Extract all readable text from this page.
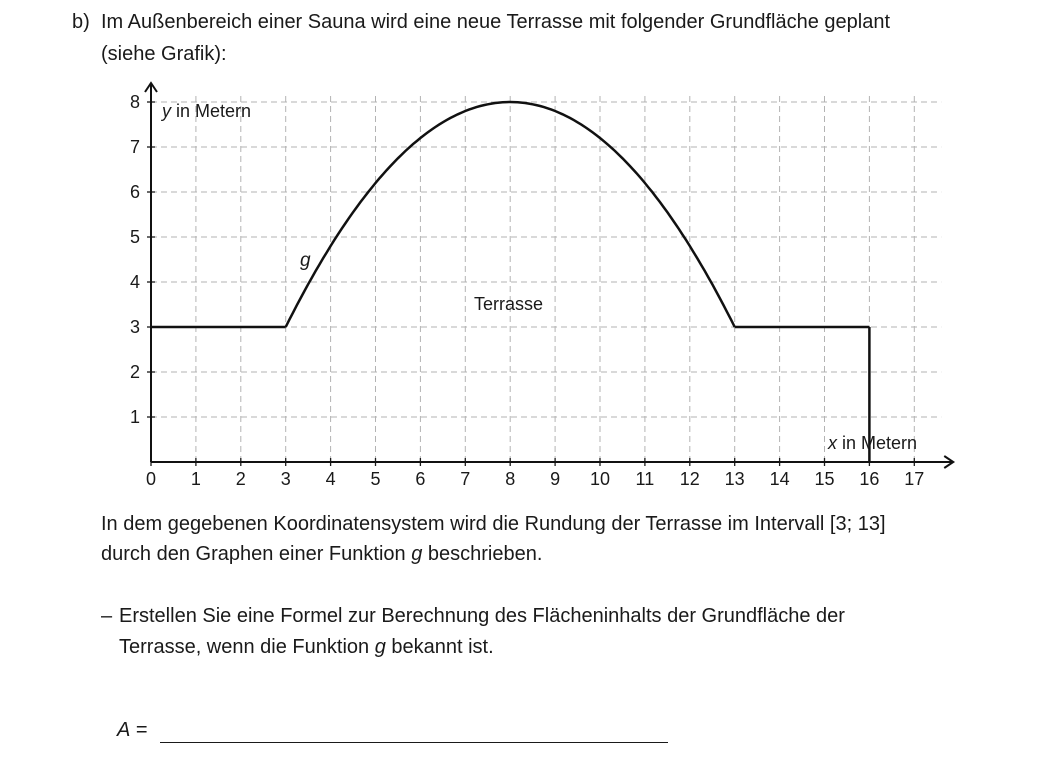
b) Im Außenbereich einer Sauna wird eine neue Terrasse mit folgender Grundfläche geplant
(siehe Grafik):
0 1 2 3 4 5 6 7 8 9 10 11 12 13 14 15 16 17
1
2
3
4
5
6
7
8 y in Metern
x in Metern
Terrasse
g
In dem gegebenen Koordinatensystem wird die Rundung der Terrasse im Intervall [3; 13]
durch den Graphen einer Funktion g beschrieben.
– Erstellen Sie eine Formel zur Berechnung des Flächeninhalts der Grundfläche der
Terrasse, wenn die Funktion g bekannt ist.
A =
